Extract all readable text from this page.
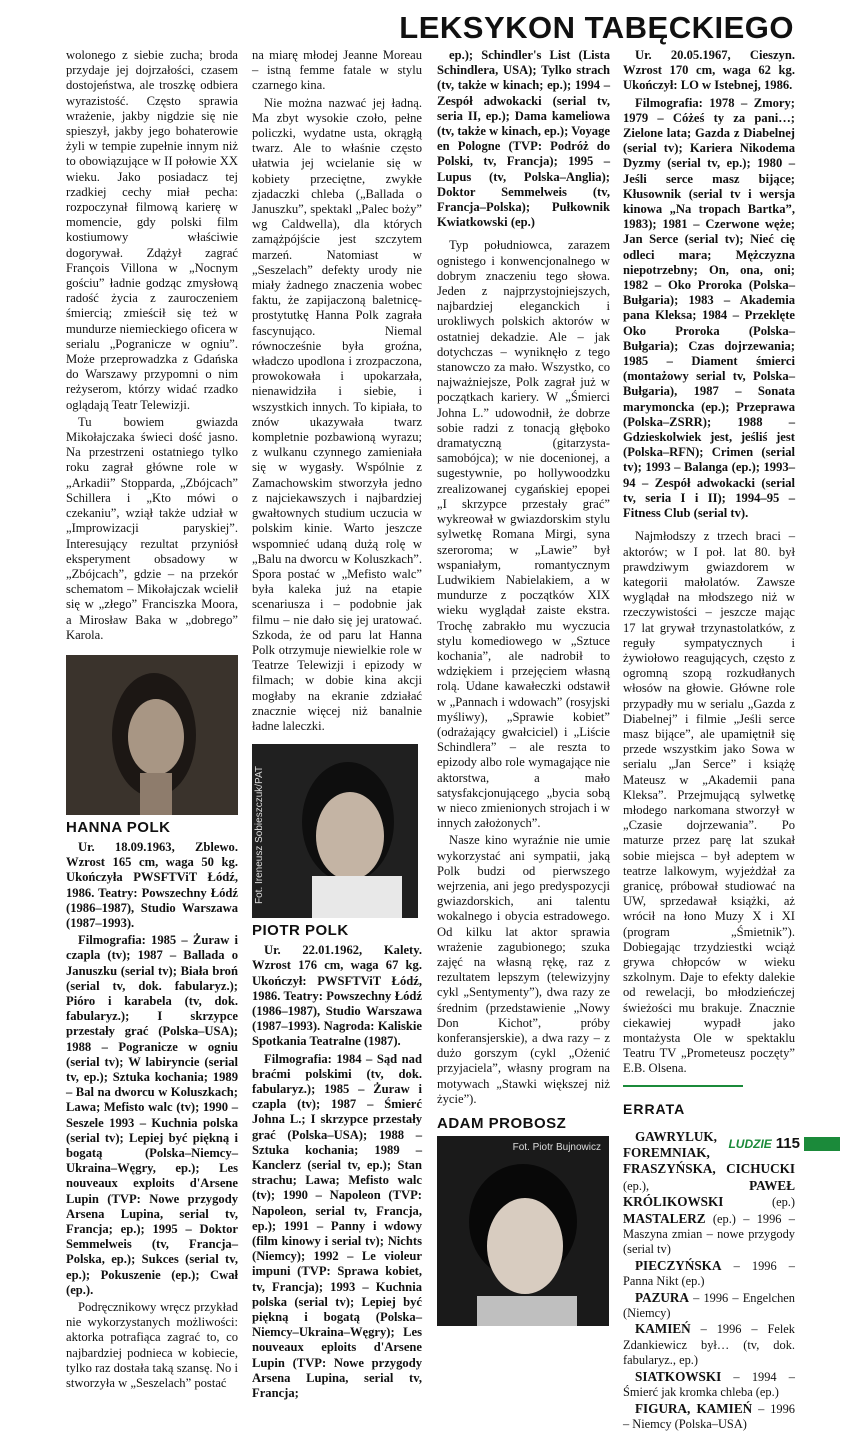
LEKSYKON TABĘCKIEGO

wolonego z siebie zucha; broda przydaje jej dojrzałości, czasem dostojeństwa, ale troszkę odbiera wyrazistość. Często sprawia wrażenie, jakby nigdzie się nie spieszył, jakby jego bohaterowie żyli w tempie zupełnie innym niż to obowiązujące w II połowie XX wieku. Jako posiadacz tej rzadkiej cechy miał pecha: rozpoczynał filmową karierę w momencie, gdy polski film kostiumowy właściwie dogorywał. Zdążył zagrać François Villona w „Nocnym gościu” ładnie godząc zmysłową radość życia z zauroczeniem śmiercią; zmieścił się też w mundurze niemieckiego oficera w serialu „Pogranicze w ogniu”. Może przeprowadzka z Gdańska do Warszawy przypomni o nim reżyserom, którzy widać rzadko oglądają Teatr Telewizji.

Tu bowiem gwiazda Mikołajczaka świeci dość jasno. Na przestrzeni ostatniego tylko roku zagrał główne role w „Arkadii” Stoppardа, „Zbójcach” Schillera i „Kto mówi o czekaniu”, wziął także udział w „Improwizacji paryskiej”. Interesujący rezultat przyniósł eksperyment obsadowy w „Zbójcach”, gdzie – na przekór schematom – Mikołajczak wcielił się w „złego” Franciszka Moora, a Mirosław Baka w „dobrego” Karola.

HANNA POLK

Ur. 18.09.1963, Zblewo. Wzrost 165 cm, waga 50 kg. Ukończyła PWSFTViT Łódź, 1986. Teatry: Powszechny Łódź (1986–1987), Studio Warszawa (1987–1993).

Filmografia: 1985 – Żuraw i czapla (tv); 1987 – Ballada o Januszku (serial tv); Biała broń (serial tv, dok. fabularyz.); Pióro i karabela (tv, dok. fabularyz.); I skrzypce przestały grać (Polska–USA); 1988 – Pogranicze w ogniu (serial tv); W labiryncie (serial tv, ep.); Sztuka kochania; 1989 – Bal na dworcu w Koluszkach; Lawa; Mefisto walc (tv); 1990 – Seszele 1993 – Kuchnia polska (serial tv); Lepiej być piękną i bogatą (Polska–Niemcy–Ukraina–Węgry, ep.); Les nouveaux exploits d'Arsene Lupin (TVP: Nowe przygody Arsena Lupina, serial tv, Francja; ep.); 1995 – Doktor Semmelweis (tv, Francja–Polska, ep.); Sukces (serial tv, ep.); Pokuszenie (ep.); Cwał (ep.).

Podręcznikowy wręcz przykład nie wykorzystanych możliwości: aktorka potrafiąca zagrać to, co najbardziej podnieca w kobiecie, tylko raz dostała taką szansę. No i stworzyła w „Seszelach” postać

na miarę młodej Jeanne Moreau – istną femme fatale w stylu czarnego kina.

Nie można nazwać jej ładną. Ma zbyt wysokie czoło, pełne policzki, wydatne usta, okrągłą twarz. Ale to właśnie często ułatwia jej wcielanie się w kobiety przeciętne, zwykłe zjadaczki chleba („Ballada o Januszku”, spektakl „Palec boży” wg Caldwella), dla których zamążpójście jest szczytem marzeń. Natomiast w „Seszelach” defekty urody nie miały żadnego znaczenia wobec faktu, że zapijaczoną baletnicę-prostytutkę Hanna Polk zagrała fascynująco. Niemal równocześnie była groźna, władczo upodlona i zrozpaczona, prowokowała i upokarzała, nienawidziła i siebie, i wszystkich innych. To kipiała, to znów ukazywała twarz kompletnie pozbawioną wyrazu; z wulkanu czynnego zamieniała się w wygasły. Wspólnie z Zamachowskim stworzyła jedno z najciekawszych i najbardziej gwałtownych studium uczucia w polskim kinie. Warto jeszcze wspomnieć udaną dużą rolę w „Balu na dworcu w Koluszkach”. Spora postać w „Mefisto walc” była kaleka już na etapie scenariusza i – podobnie jak filmu – nie dało się jej uratować. Szkoda, że od paru lat Hanna Polk otrzymuje niewielkie role w Teatrze Telewizji i epizody w filmach; w dobie kina akcji mogłaby na ekranie zdziałać znacznie więcej niż banalnie ładne laleczki.

Fot. Ireneusz Sobieszczuk/PAT
PIOTR POLK

Ur. 22.01.1962, Kalety. Wzrost 176 cm, waga 67 kg. Ukończył: PWSFTViT Łódź, 1986. Teatry: Powszechny Łódź (1986–1987), Studio Warszawa (1987–1993). Nagroda: Kaliskie Spotkania Teatralne (1987).

Filmografia: 1984 – Sąd nad braćmi polskimi (tv, dok. fabularyz.); 1985 – Żuraw i czapla (tv); 1987 – Śmierć Johna L.; I skrzypce przestały grać (Polska–USA); 1988 – Sztuka kochania; 1989 – Kanclerz (serial tv, ep.); Stan strachu; Lawa; Mefisto walc (tv); 1990 – Napoleon (TVP: Napoleon, serial tv, Francja, ep.); 1991 – Panny i wdowy (film kinowy i serial tv); Nichts (Niemcy); 1992 – Le violeur impuni (TVP: Sprawa kobiet, tv, Francja); 1993 – Kuchnia polska (serial tv); Lepiej być piękną i bogatą (Polska–Niemcy–Ukraina–Węgry); Les nouveaux eploits d'Arsene Lupin (TVP: Nowe przygody Arsena Lupina, serial tv, Francja;

ep.); Schindler's List (Lista Schindlera, USA); Tylko strach (tv, także w kinach; ep.); 1994 – Zespół adwokacki (serial tv, seria II, ep.); Dama kameliowa (tv, także w kinach, ep.); Voyage en Pologne (TVP: Podróż do Polski, tv, Francja); 1995 – Lupus (tv, Polska–Anglia); Doktor Semmelweis (tv, Francja–Polska); Pułkownik Kwiatkowski (ep.)

Typ południowca, zarazem ognistego i konwencjonalnego w dobrym znaczeniu tego słowa. Jeden z najprzystojniejszych, najbardziej eleganckich i urokliwych polskich aktorów w ostatniej dekadzie. Ale – jak dotychczas – wyniknęło z tego stanowczo za mało. Wszystko, co najważniejsze, Polk zagrał już w początkach kariery. W „Śmierci Johna L.” udowodnił, że dobrze sobie radzi z tonacją głęboko dramatyczną (gitarzysta-samobójca); w nie docenionej, a sugestywnie, po hollywoodzku zrealizowanej cygańskiej epopei „I skrzypce przestały grać” wykreował w gwiazdorskim stylu sylwetkę Romana Mirgi, syna szeroroma; w „Lawie” był wspaniałym, romantycznym Ludwikiem Nabielakiem, a w mundurze z początków XIX wieku wyglądał zaiste ekstra. Trochę zabrakło mu wyczucia stylu komediowego w „Sztuce kochania”, ale nadrobił to wdziękiem i przejęciem własną rolą. Udane kawałeczki odstawił w „Pannach i wdowach” (rosyjski myśliwy), „Sprawie kobiet” (odrażający gwałciciel) i „Liście Schindlera” – ale reszta to epizody albo role wymagające nie aktorstwa, a mało satysfakcjonującego „bycia sobą w nieco zmienionych strojach i w innych założonych”.

Nasze kino wyraźnie nie umie wykorzystać ani sympatii, jaką Polk budzi od pierwszego wejrzenia, ani jego predyspozycji gwiazdorskich, ani talentu wokalnego i obycia estradowego. Od kilku lat aktor sprawia wrażenie zagubionego; szuka zajęć na własną rękę, raz z rezultatem lepszym (telewizyjny cykl „Sentymenty”), dwa razy ze średnim (przedstawienie „Nowy Don Kichot”, próby konferansjerskie), a dwa razy – z dużo gorszym (cykl „Ożenić przyjaciela”, własny program na motywach „Stawki większej niż życie”).

ADAM PROBOSZ
Fot. Piotr Bujnowicz

Ur. 20.05.1967, Cieszyn. Wzrost 170 cm, waga 62 kg. Ukończył: LO w Istebnej, 1986.

Filmografia: 1978 – Zmory; 1979 – Cóżeś ty za pani…; Zielone lata; Gazda z Diabelnej (serial tv); Kariera Nikodema Dyzmy (serial tv, ep.); 1980 – Jeśli serce masz bijące; Kłusownik (serial tv i wersja kinowa „Na tropach Bartka”, 1983); 1981 – Czerwone węże; Jan Serce (serial tv); Nieć cię odleci mara; Mężczyzna niepotrzebny; On, ona, oni; 1982 – Oko Proroka (Polska–Bułgaria); 1983 – Akademia pana Kleksa; 1984 – Przeklęte Oko Proroka (Polska–Bułgaria); Czas dojrzewania; 1985 – Diament śmierci (montażowy serial tv, Polska–Bułgaria), 1987 – Sonata marymoncka (ep.); Przeprawa (Polska–ZSRR); 1988 – Gdzieskolwiek jest, jeśliś jest (Polska–RFN); Crimen (serial tv); 1993 – Balanga (ep.); 1993–94 – Zespół adwokacki (serial tv, seria I i II); 1994–95 – Fitness Club (serial tv).

Najmłodszy z trzech braci – aktorów; w I poł. lat 80. był prawdziwym gwiazdorem w kategorii małolatów. Zawsze wyglądał na młodszego niż w rzeczywistości – jeszcze mając 17 lat grywał trzynastolatków, z reguły sympatycznych i żywiołowo reagujących, często z ogromną szopą rozkudłanych włosów na głowie. Główne role przypadły mu w serialu „Gazda z Diabelnej” i filmie „Jeśli serce masz bijące”, ale upamiętnił się przede wszystkim jako Sowa w serialu „Jan Serce” i książę Mateusz w „Akademii pana Kleksa”. Przejmującą sylwetkę młodego narkomana stworzył w „Czasie dojrzewania”. Po maturze przez parę lat szukał sobie miejsca – był adeptem w teatrze lalkowym, wyjeżdżał za granicę, próbował studiować na UW, sprzedawał książki, aż wrócił na łono Muzy X i XI (program „Śmietnik”). Dobiegając trzydziestki wciąż grywa chłopców w wieku szkolnym. Daje to efekty dalekie od rewelacji, bo młodzieńczej świeżości mu brakuje. Znacznie ciekawiej wypadł jako montażysta Ole w spektaklu Teatru TV „Prometeusz poczęty” E.B. Olsena.

ERRATA

GAWRYLUK, FOREMNIAK, FRASZYŃSKA, CICHUCKI (ep.), PAWEŁ KRÓLIKOWSKI (ep.) MASTALERZ (ep.) – 1996 – Maszyna zmian – nowe przygody (serial tv)

PIECZYŃSKA – 1996 – Panna Nikt (ep.)

PAZURA – 1996 – Engelchen (Niemcy)

KAMIEŃ – 1996 – Felek Zdankiewicz był… (tv, dok. fabularyz., ep.)

SIATKOWSKI – 1994 – Śmierć jak kromka chleba (ep.)

FIGURA, KAMIEŃ – 1996 – Niemcy (Polska–USA)

LUDZIE 115
